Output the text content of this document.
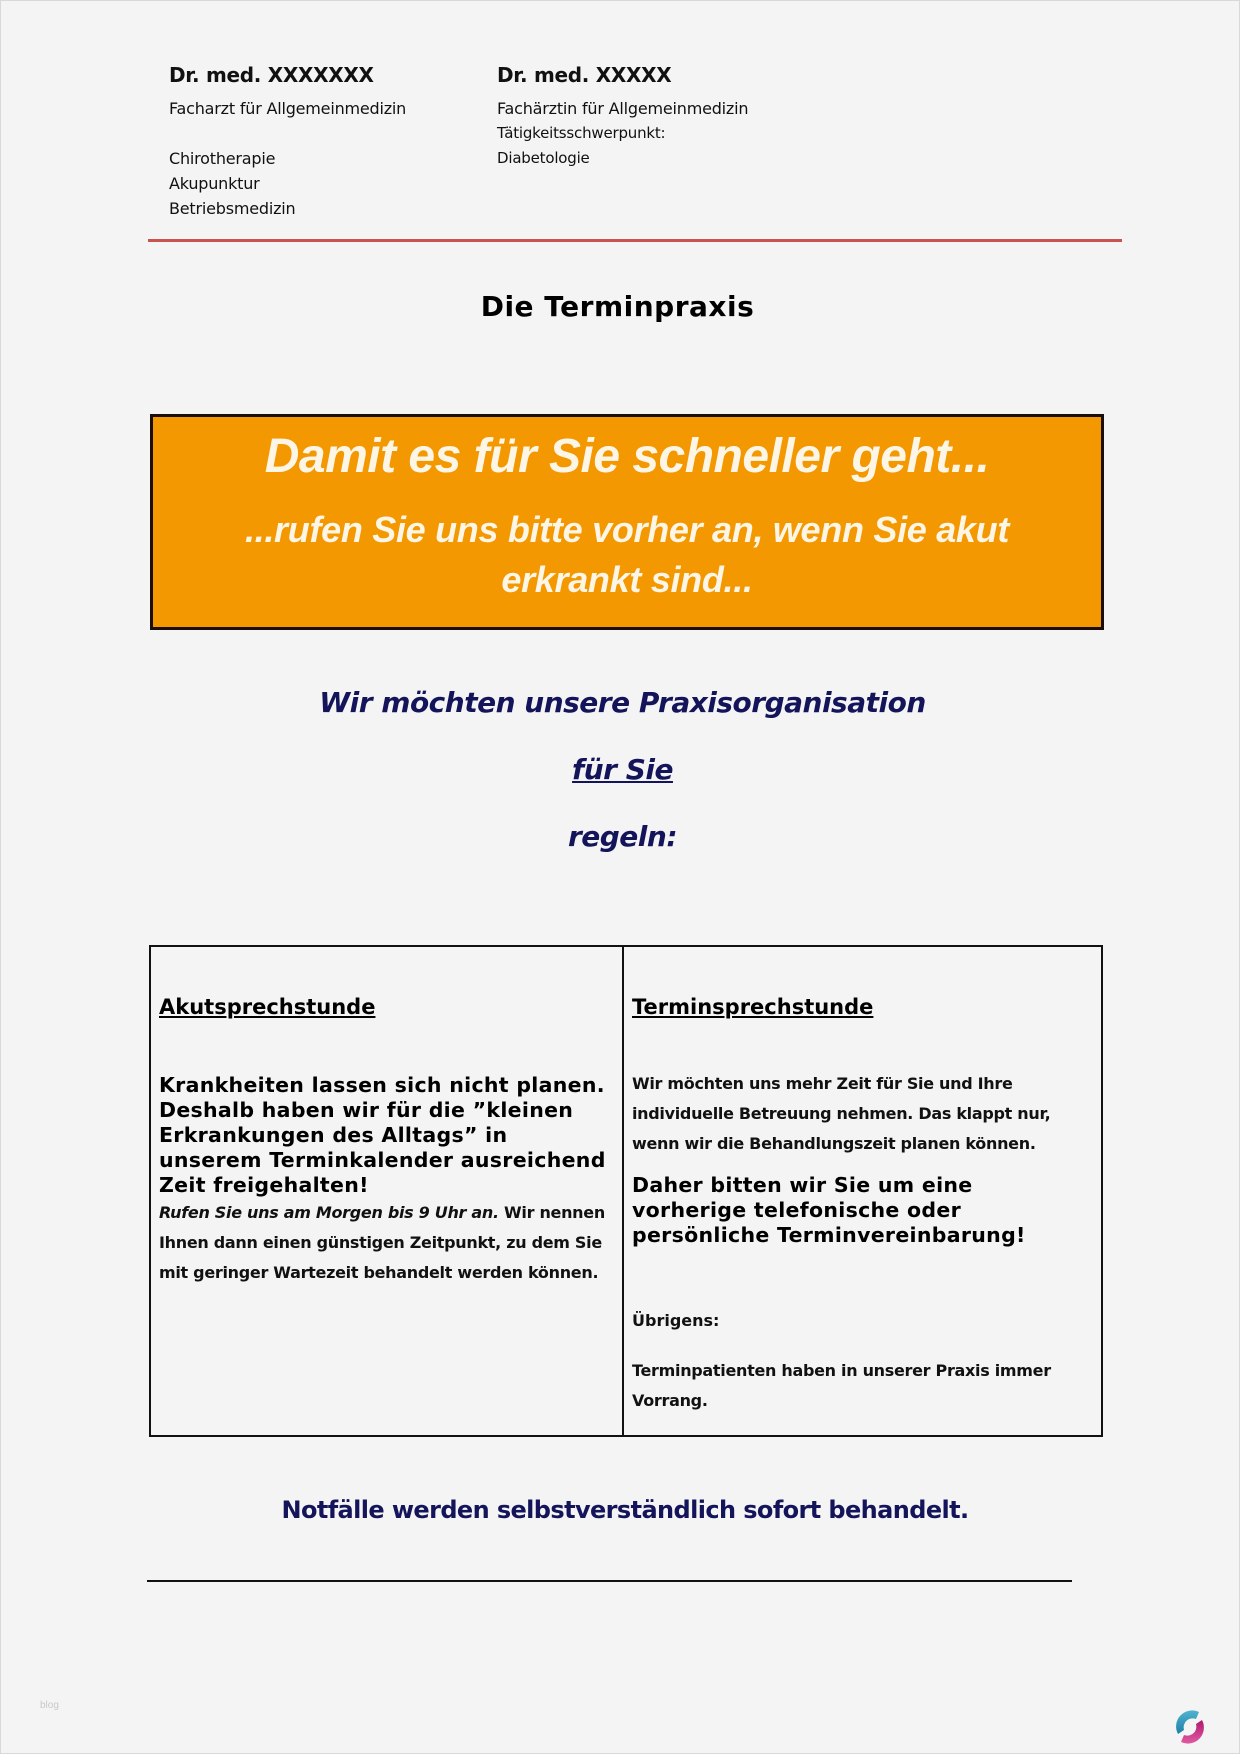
Dr. med. XXXXXXX
Facharzt für Allgemeinmedizin
Chirotherapie
Akupunktur
Betriebsmedizin
Dr. med. XXXXX
Fachärztin für Allgemeinmedizin
Tätigkeitsschwerpunkt:
Diabetologie
Die Terminpraxis
Damit es für Sie schneller geht...
...rufen Sie uns bitte vorher an, wenn Sie akut erkrankt sind...
Wir möchten unsere Praxisorganisation
für Sie
regeln:
Akutsprechstunde
Krankheiten lassen sich nicht planen. Deshalb haben wir für die ”kleinen Erkrankungen des Alltags” in unserem Terminkalender ausreichend Zeit freigehalten!
Rufen Sie uns am Morgen bis 9 Uhr an. Wir nennen Ihnen dann einen günstigen Zeitpunkt, zu dem Sie mit geringer Wartezeit behandelt werden können.
Terminsprechstunde
Wir möchten uns mehr Zeit für Sie und Ihre individuelle Betreuung nehmen. Das klappt nur, wenn wir die Behandlungszeit planen können.
Daher bitten wir Sie um eine vorherige telefonische oder persönliche Terminvereinbarung!
Übrigens:
Terminpatienten haben in unserer Praxis immer Vorrang.
Notfälle werden selbstverständlich sofort behandelt.
blog
